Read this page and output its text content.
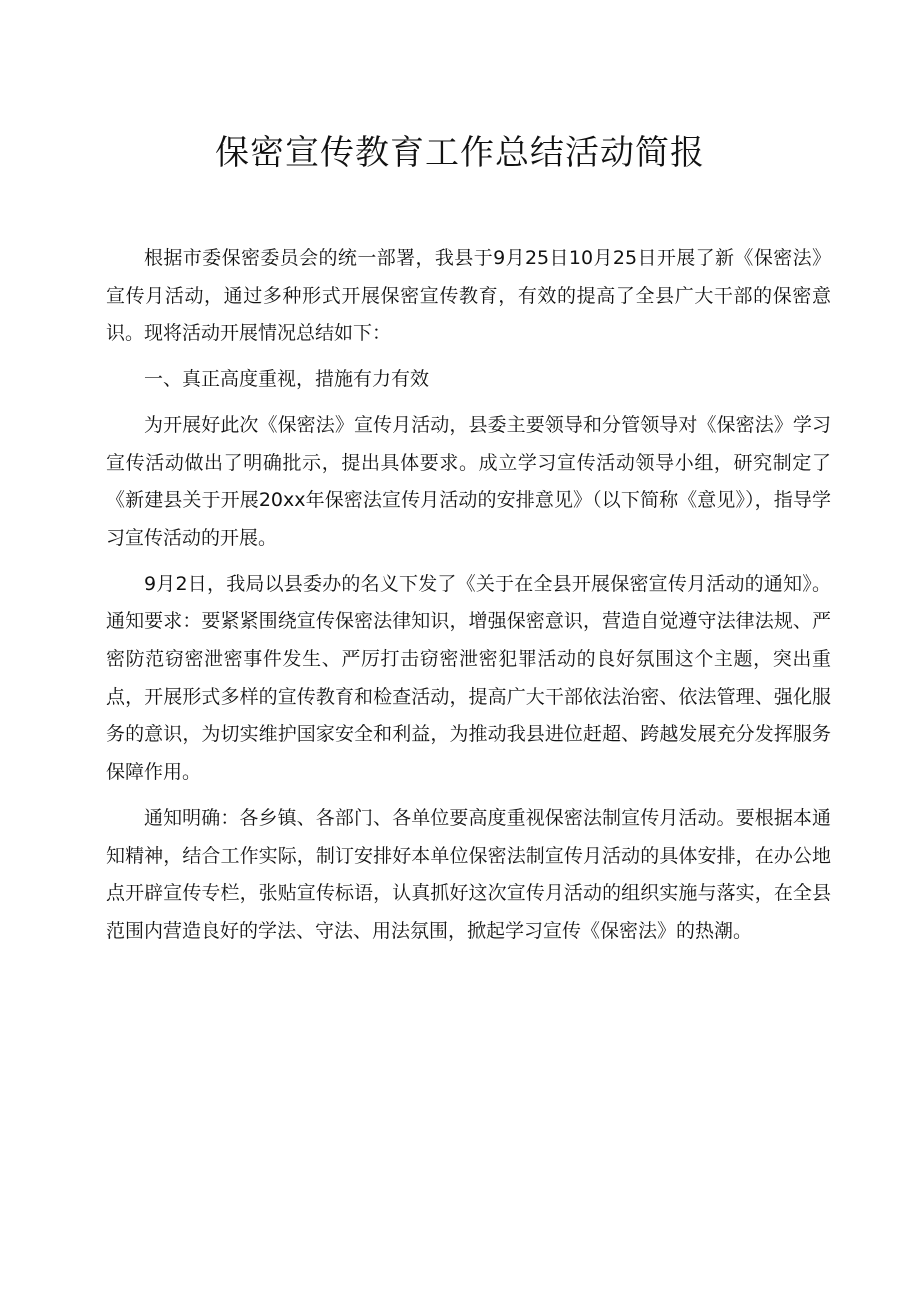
保密宣传教育工作总结活动简报

根据市委保密委员会的统一部署，我县于9月25日10月25日开展了新《保密法》宣传月活动，通过多种形式开展保密宣传教育，有效的提高了全县广大干部的保密意识。现将活动开展情况总结如下：

一、真正高度重视，措施有力有效

为开展好此次《保密法》宣传月活动，县委主要领导和分管领导对《保密法》学习宣传活动做出了明确批示，提出具体要求。成立学习宣传活动领导小组，研究制定了《新建县关于开展20xx年保密法宣传月活动的安排意见》（以下简称《意见》），指导学习宣传活动的开展。

9月2日，我局以县委办的名义下发了《关于在全县开展保密宣传月活动的通知》。通知要求：要紧紧围绕宣传保密法律知识，增强保密意识，营造自觉遵守法律法规、严密防范窃密泄密事件发生、严厉打击窃密泄密犯罪活动的良好氛围这个主题，突出重点，开展形式多样的宣传教育和检查活动，提高广大干部依法治密、依法管理、强化服务的意识，为切实维护国家安全和利益，为推动我县进位赶超、跨越发展充分发挥服务保障作用。

通知明确：各乡镇、各部门、各单位要高度重视保密法制宣传月活动。要根据本通知精神，结合工作实际，制订安排好本单位保密法制宣传月活动的具体安排，在办公地点开辟宣传专栏，张贴宣传标语，认真抓好这次宣传月活动的组织实施与落实，在全县范围内营造良好的学法、守法、用法氛围，掀起学习宣传《保密法》的热潮。
